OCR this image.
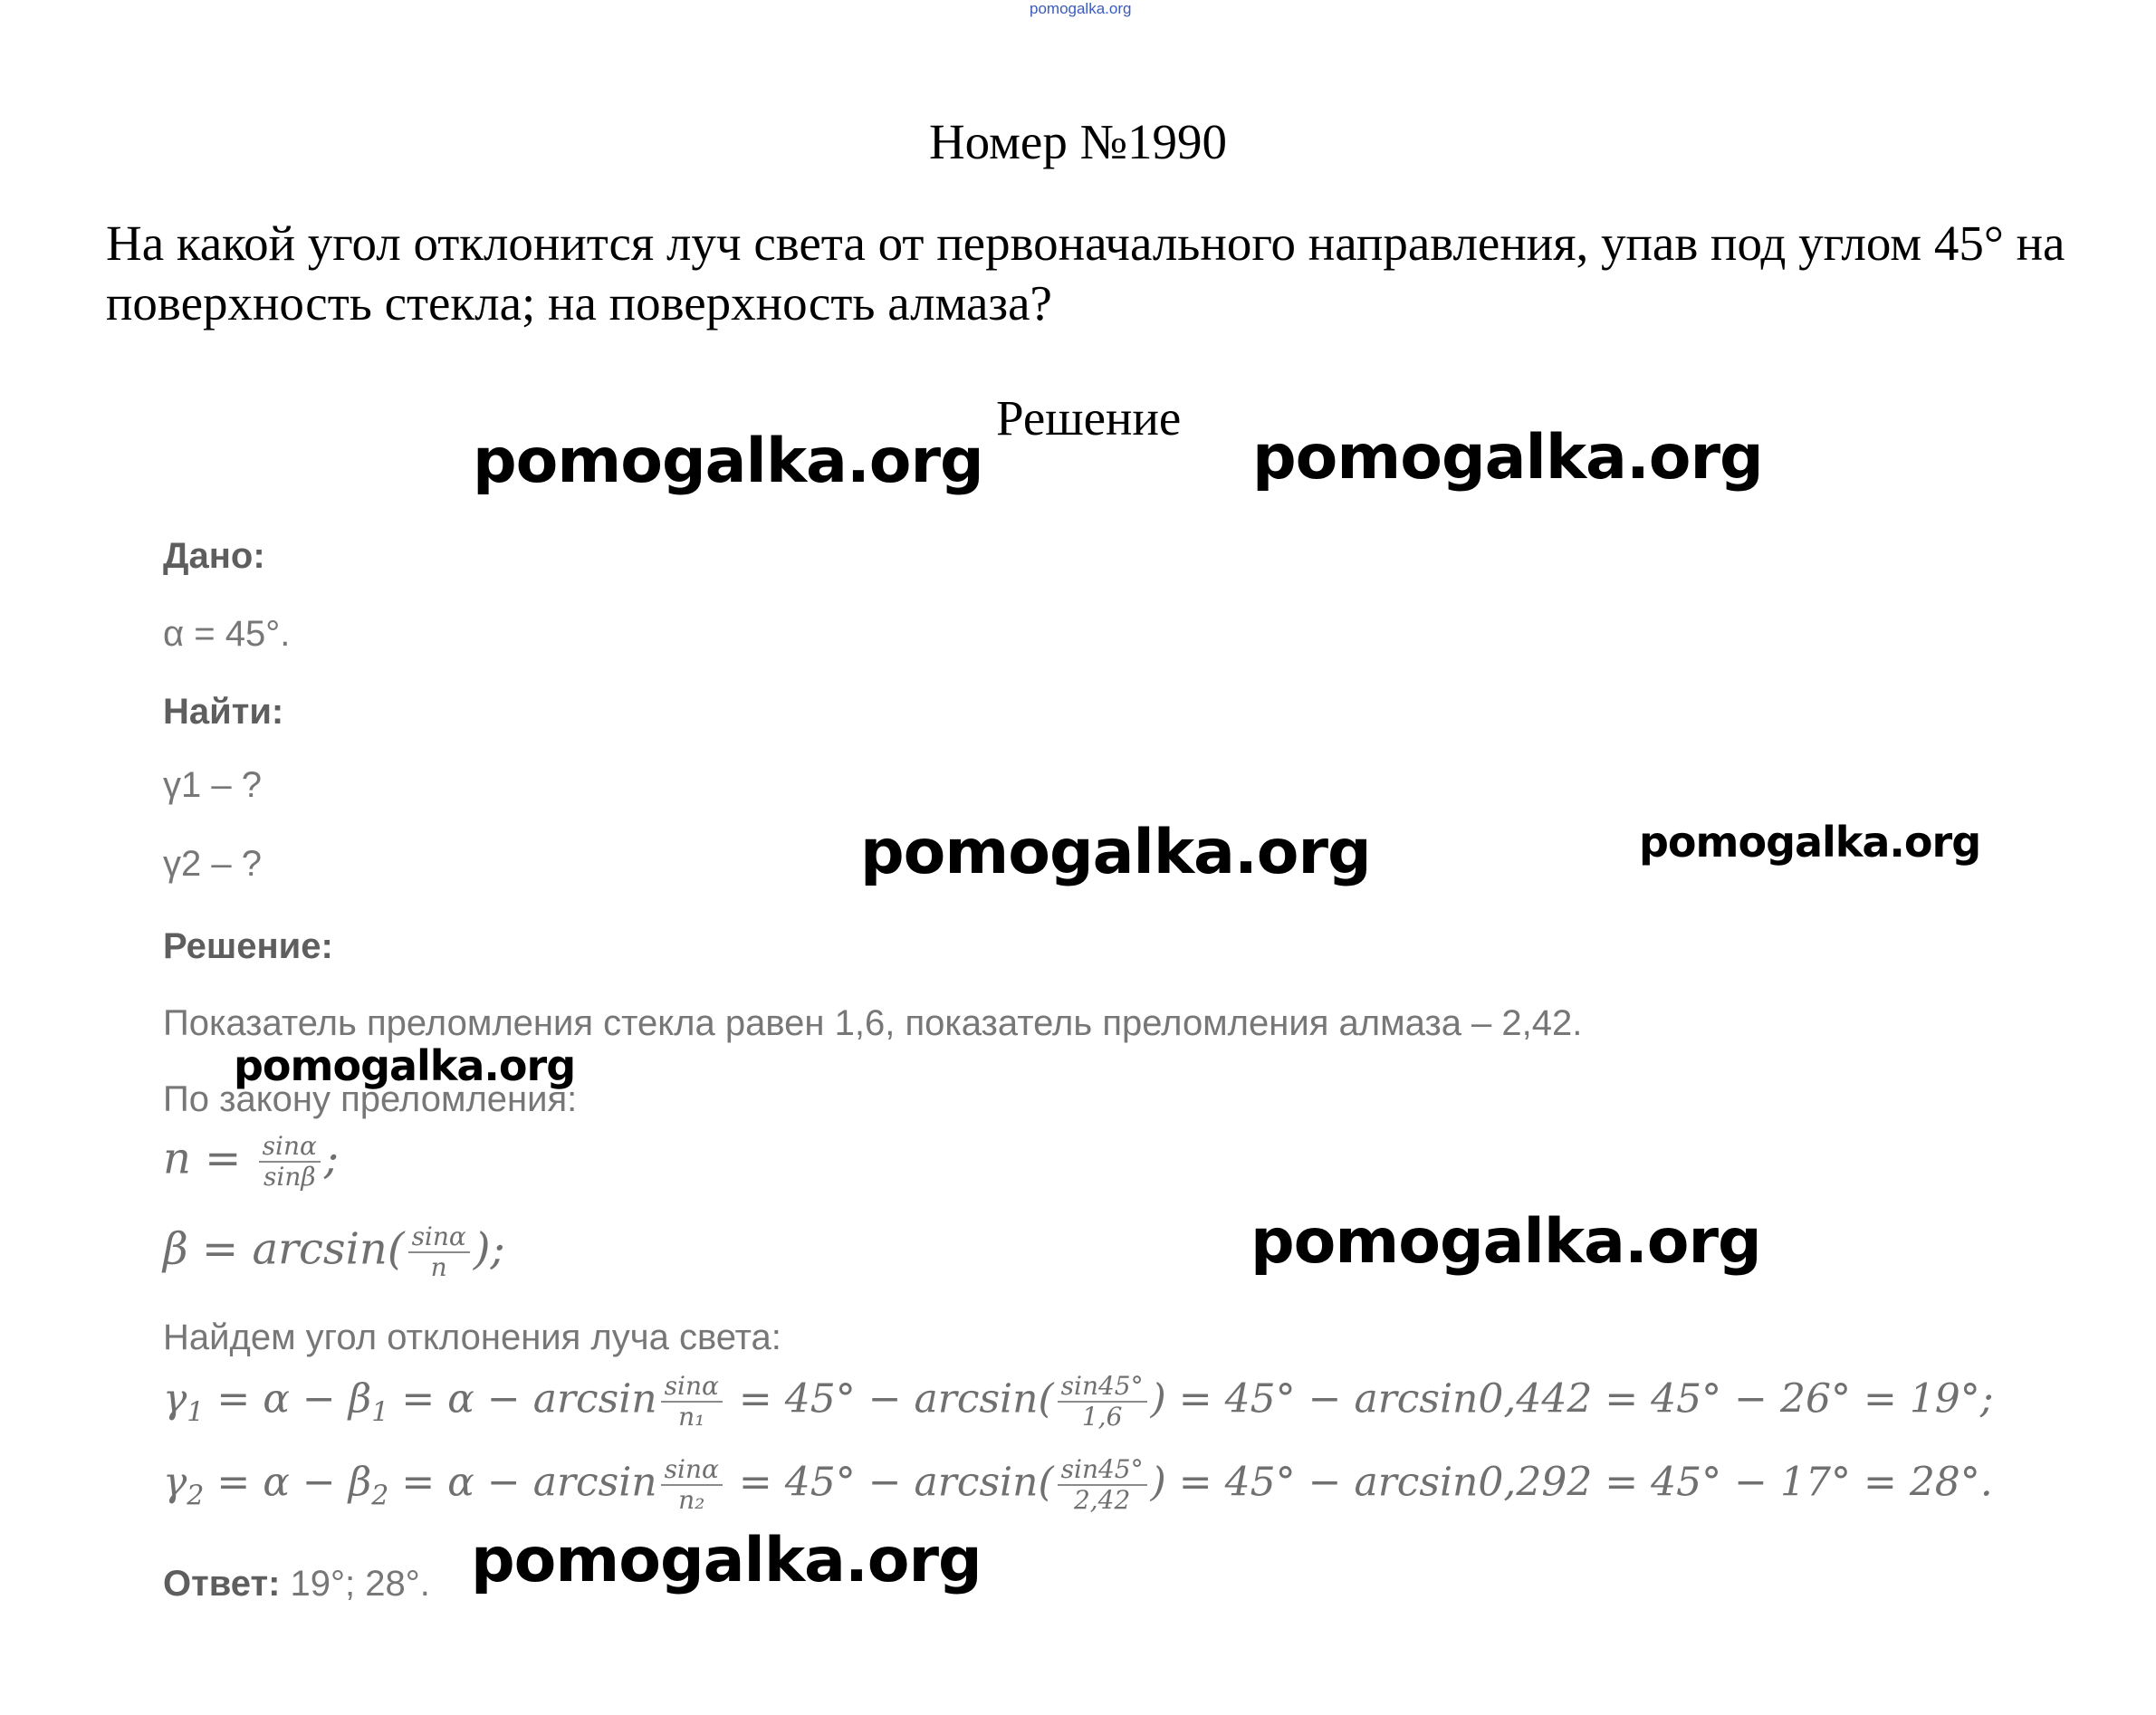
pomogalka.org
Номер №1990
На какой угол отклонится луч света от первоначального направления, упав под углом 45° на поверхность стекла; на поверхность алмаза?
Решение
pomogalka.org	pomogalka.org
pomogalka.org	pomogalka.org
pomogalka.org
pomogalka.org
pomogalka.org
Дано:
α = 45°.
Найти:
γ1 – ?
γ2 – ?
Решение:
Показатель преломления стекла равен 1,6, показатель преломления алмаза – 2,42.
По закону преломления:
$n = \frac{\sin\alpha}{\sin\beta}$ ;
$\beta = \arcsin( \frac{\sin\alpha}{n}$ );
Найдем угол отклонения луча света:
$\gamma_1 = \alpha - \beta_1 = \alpha - \arcsin \frac{\sin\alpha}{\text{n₁}} = 45^\circ - \arcsin( \frac{\sin 45^\circ}{1,6}$ ) = 45° − arcsin0,442 = 45° − 26° = 19°;
$\gamma_2 = \alpha - \beta_2 = \alpha - \arcsin \frac{\sin\alpha}{\text{n₂}} = 45^\circ - \arcsin( \frac{\sin 45^\circ}{2,42}$ ) = 45° − arcsin0,292 = 45° − 17° = 28°.
Ответ: 19°; 28°.
